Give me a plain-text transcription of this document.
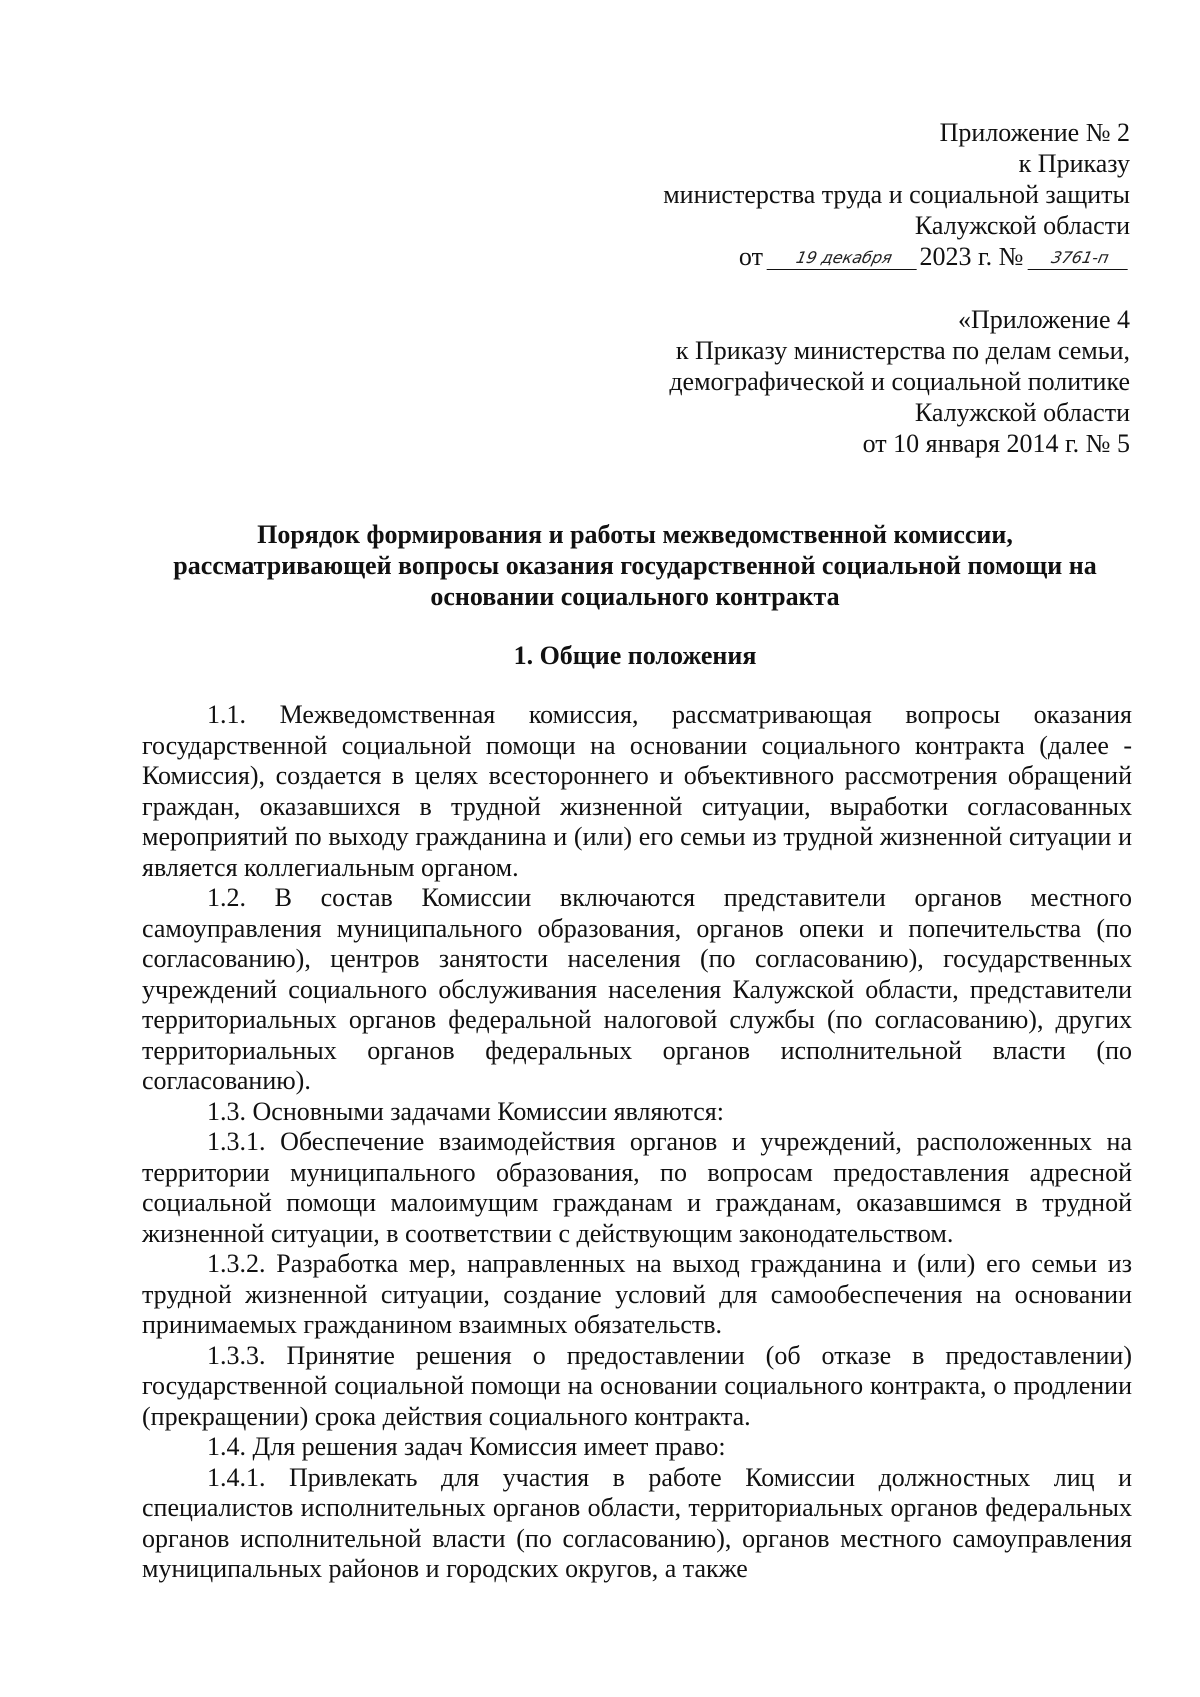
Приложение № 2
к Приказу
министерства труда и социальной защиты
Калужской области
от 19 декабря 2023 г. № 3761-п
«Приложение 4
к Приказу министерства по делам семьи,
демографической и социальной политике
Калужской области
от 10 января 2014 г. № 5
Порядок формирования и работы межведомственной комиссии,
рассматривающей вопросы оказания государственной социальной помощи на
основании социального контракта
1. Общие положения

1.1. Межведомственная комиссия, рассматривающая вопросы оказания государственной социальной помощи на основании социального контракта (далее - Комиссия), создается в целях всестороннего и объективного рассмотрения обращений граждан, оказавшихся в трудной жизненной ситуации, выработки согласованных мероприятий по выходу гражданина и (или) его семьи из трудной жизненной ситуации и является коллегиальным органом.

1.2. В состав Комиссии включаются представители органов местного самоуправления муниципального образования, органов опеки и попечительства (по согласованию), центров занятости населения (по согласованию), государственных учреждений социального обслуживания населения Калужской области, представители территориальных органов федеральной налоговой службы (по согласованию), других территориальных органов федеральных органов исполнительной власти (по согласованию).

1.3. Основными задачами Комиссии являются:

1.3.1. Обеспечение взаимодействия органов и учреждений, расположенных на территории муниципального образования, по вопросам предоставления адресной социальной помощи малоимущим гражданам и гражданам, оказавшимся в трудной жизненной ситуации, в соответствии с действующим законодательством.

1.3.2. Разработка мер, направленных на выход гражданина и (или) его семьи из трудной жизненной ситуации, создание условий для самообеспечения на основании принимаемых гражданином взаимных обязательств.

1.3.3. Принятие решения о предоставлении (об отказе в предоставлении) государственной социальной помощи на основании социального контракта, о продлении (прекращении) срока действия социального контракта.

1.4. Для решения задач Комиссия имеет право:

1.4.1. Привлекать для участия в работе Комиссии должностных лиц и специалистов исполнительных органов области, территориальных органов федеральных органов исполнительной власти (по согласованию), органов местного самоуправления муниципальных районов и городских округов, а также
